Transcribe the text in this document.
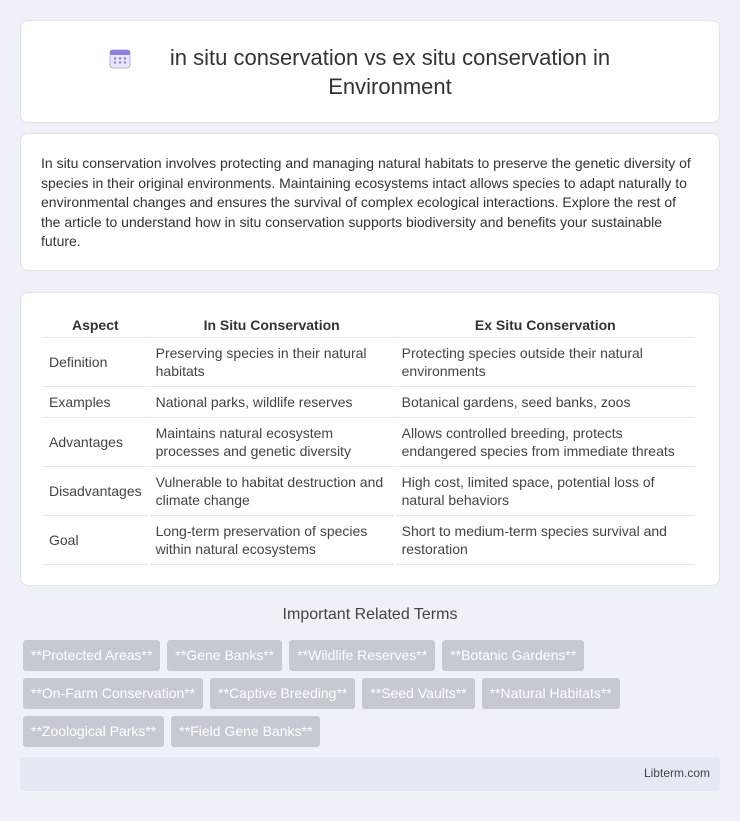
in situ conservation vs ex situ conservation in Environment

In situ conservation involves protecting and managing natural habitats to preserve the genetic diversity of species in their original environments. Maintaining ecosystems intact allows species to adapt naturally to environmental changes and ensures the survival of complex ecological interactions. Explore the rest of the article to understand how in situ conservation supports biodiversity and benefits your sustainable future.

Aspect	In Situ Conservation	Ex Situ Conservation
Definition	Preserving species in their natural habitats	Protecting species outside their natural environments
Examples	National parks, wildlife reserves	Botanical gardens, seed banks, zoos
Advantages	Maintains natural ecosystem processes and genetic diversity	Allows controlled breeding, protects endangered species from immediate threats
Disadvantages	Vulnerable to habitat destruction and climate change	High cost, limited space, potential loss of natural behaviors
Goal	Long-term preservation of species within natural ecosystems	Short to medium-term species survival and restoration
Important Related Terms
**Protected Areas**	**Gene Banks**	**Wildlife Reserves**	**Botanic Gardens**
**On-Farm Conservation**	**Captive Breeding**	**Seed Vaults**	**Natural Habitats**
**Zoological Parks**	**Field Gene Banks**
Libterm.com
